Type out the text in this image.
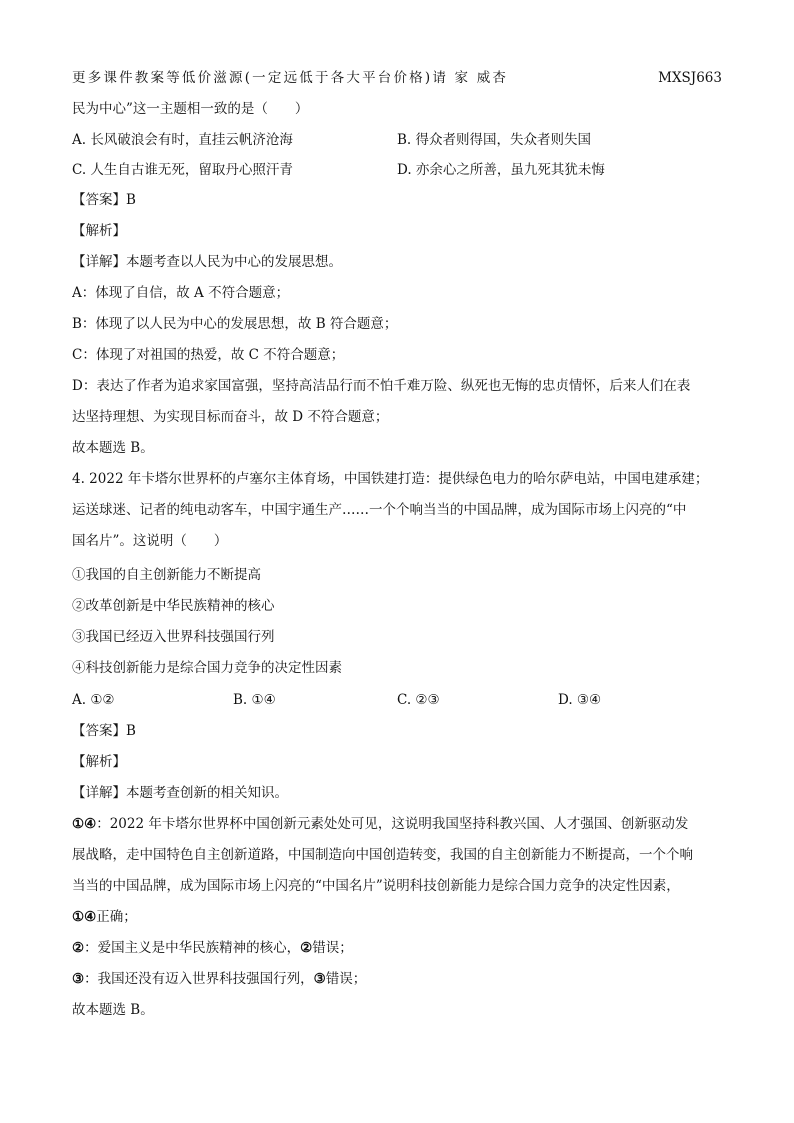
更多课件教案等低价滋源(一定远低于各大平台价格)请 家 威杏	MXSJ663
民为中心”这一主题相一致的是（　　）
A. 长风破浪会有时，直挂云帆济沧海	B. 得众者则得国，失众者则失国
C. 人生自古谁无死，留取丹心照汗青	D. 亦余心之所善，虽九死其犹未悔
【答案】B
【解析】
【详解】本题考查以人民为中心的发展思想。
A：体现了自信，故 A 不符合题意；
B：体现了以人民为中心的发展思想，故 B 符合题意；
C：体现了对祖国的热爱，故 C 不符合题意；
D：表达了作者为追求家国富强，坚持高洁品行而不怕千难万险、纵死也无悔的忠贞情怀，后来人们在表
达坚持理想、为实现目标而奋斗，故 D 不符合题意；
故本题选 B。
4. 2022 年卡塔尔世界杯的卢塞尔主体育场，中国铁建打造：提供绿色电力的哈尔萨电站，中国电建承建；
运送球迷、记者的纯电动客车，中国宇通生产……一个个响当当的中国品牌，成为国际市场上闪亮的“中
国名片”。这说明（　　）
①我国的自主创新能力不断提高
②改革创新是中华民族精神的核心
③我国已经迈入世界科技强国行列
④科技创新能力是综合国力竞争的决定性因素
A. ①②	B. ①④	C. ②③	D. ③④
【答案】B
【解析】
【详解】本题考查创新的相关知识。
①④：2022 年卡塔尔世界杯中国创新元素处处可见，这说明我国坚持科教兴国、人才强国、创新驱动发
展战略，走中国特色自主创新道路，中国制造向中国创造转变，我国的自主创新能力不断提高，一个个响
当当的中国品牌，成为国际市场上闪亮的“中国名片”说明科技创新能力是综合国力竞争的决定性因素，
①④正确；
②：爱国主义是中华民族精神的核心，②错误；
③：我国还没有迈入世界科技强国行列，③错误；
故本题选 B。
